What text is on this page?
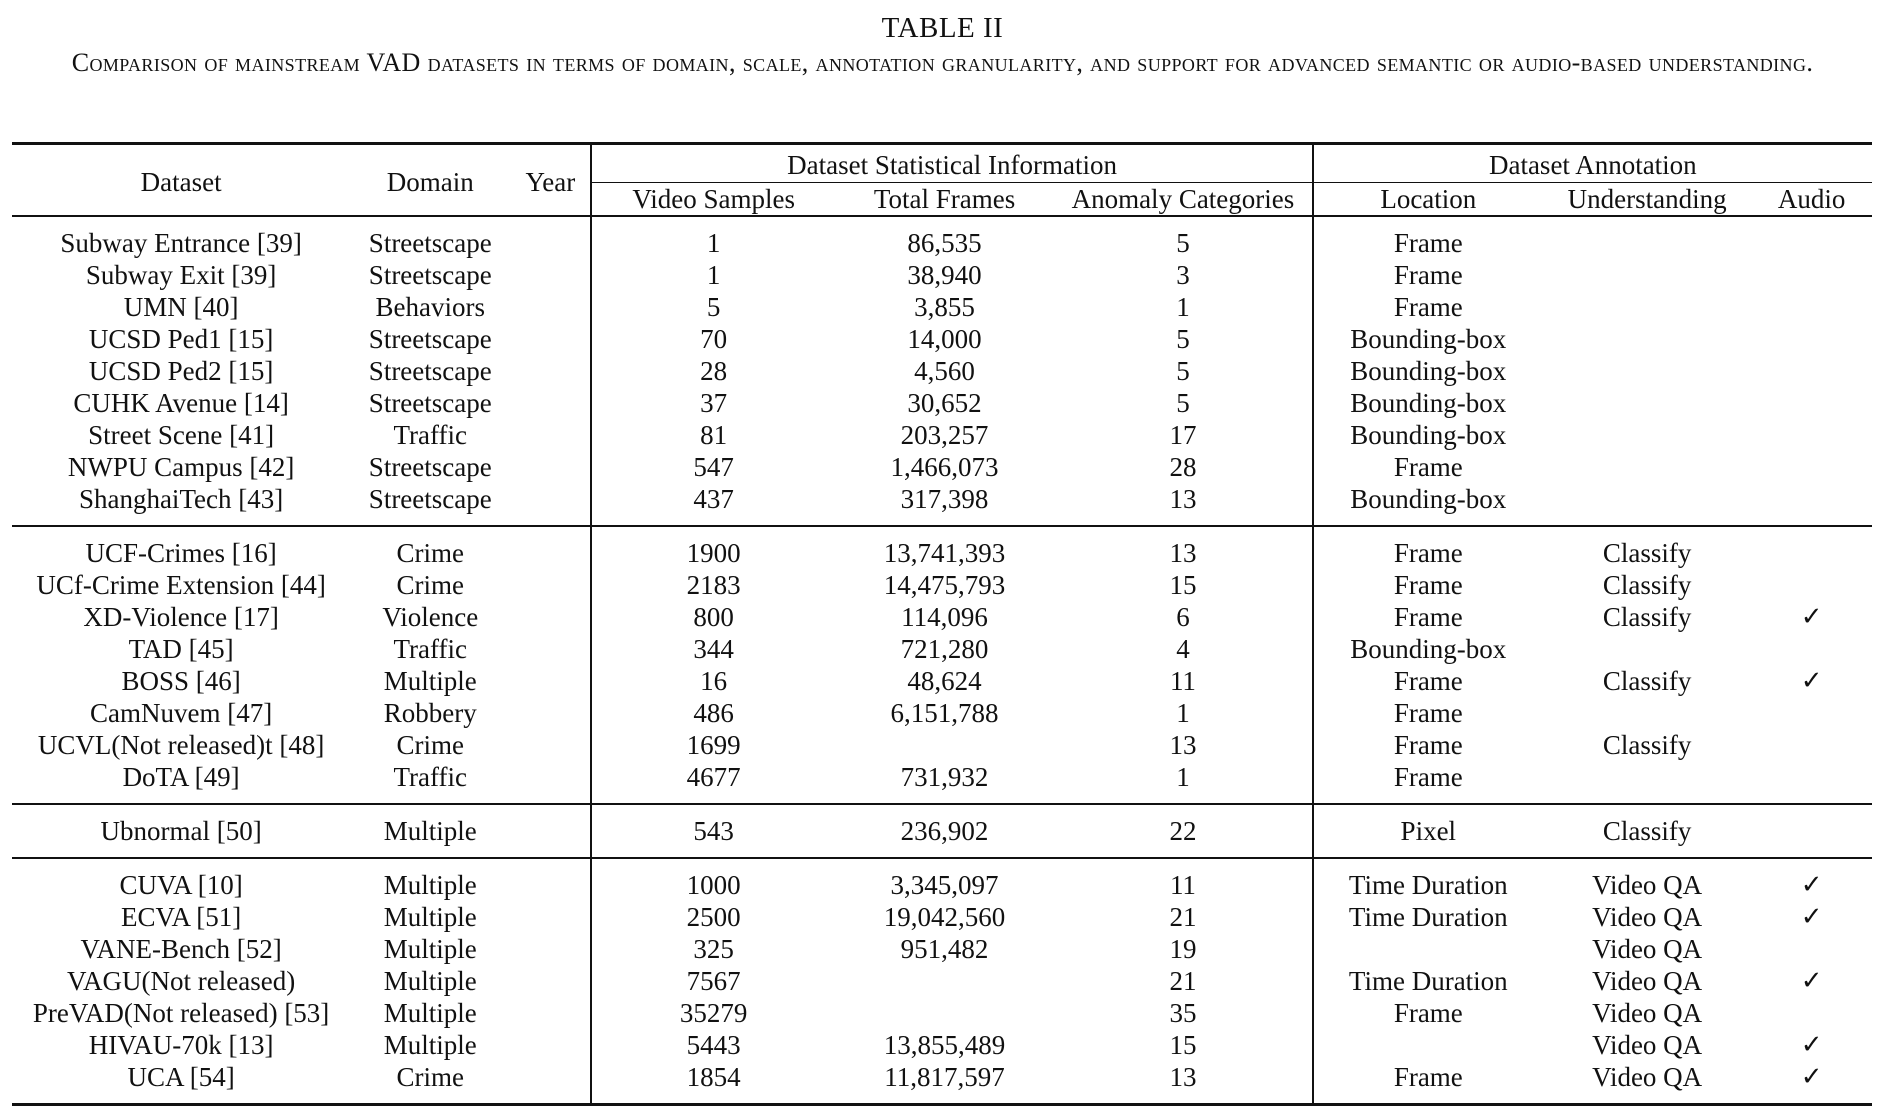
TABLE II
Comparison of mainstream VAD datasets in terms of domain, scale, annotation granularity, and support for advanced semantic or audio-based understanding.
Dataset	Domain	Year	Dataset Statistical Information			Dataset Annotation		
			Video Samples	Total Frames	Anomaly Categories	Location	Understanding	Audio

Subway Entrance [39]	Streetscape		1	86,535	5	Frame		
Subway Exit [39]	Streetscape		1	38,940	3	Frame		
UMN [40]	Behaviors		5	3,855	1	Frame		
UCSD Ped1 [15]	Streetscape		70	14,000	5	Bounding-box		
UCSD Ped2 [15]	Streetscape		28	4,560	5	Bounding-box		
CUHK Avenue [14]	Streetscape		37	30,652	5	Bounding-box		
Street Scene [41]	Traffic		81	203,257	17	Bounding-box		
NWPU Campus [42]	Streetscape		547	1,466,073	28	Frame		
ShanghaiTech [43]	Streetscape		437	317,398	13	Bounding-box		

UCF-Crimes [16]	Crime		1900	13,741,393	13	Frame	Classify	
UCf-Crime Extension [44]	Crime		2183	14,475,793	15	Frame	Classify	
XD-Violence [17]	Violence		800	114,096	6	Frame	Classify	✓
TAD [45]	Traffic		344	721,280	4	Bounding-box		
BOSS [46]	Multiple		16	48,624	11	Frame	Classify	✓
CamNuvem [47]	Robbery		486	6,151,788	1	Frame		
UCVL(Not released)t [48]	Crime		1699		13	Frame	Classify	
DoTA [49]	Traffic		4677	731,932	1	Frame		

Ubnormal [50]	Multiple		543	236,902	22	Pixel	Classify	

CUVA [10]	Multiple		1000	3,345,097	11	Time Duration	Video QA	✓
ECVA [51]	Multiple		2500	19,042,560	21	Time Duration	Video QA	✓
VANE-Bench [52]	Multiple		325	951,482	19		Video QA	
VAGU(Not released)	Multiple		7567		21	Time Duration	Video QA	✓
PreVAD(Not released) [53]	Multiple		35279		35	Frame	Video QA	
HIVAU-70k [13]	Multiple		5443	13,855,489	15		Video QA	✓
UCA [54]	Crime		1854	11,817,597	13	Frame	Video QA	✓
